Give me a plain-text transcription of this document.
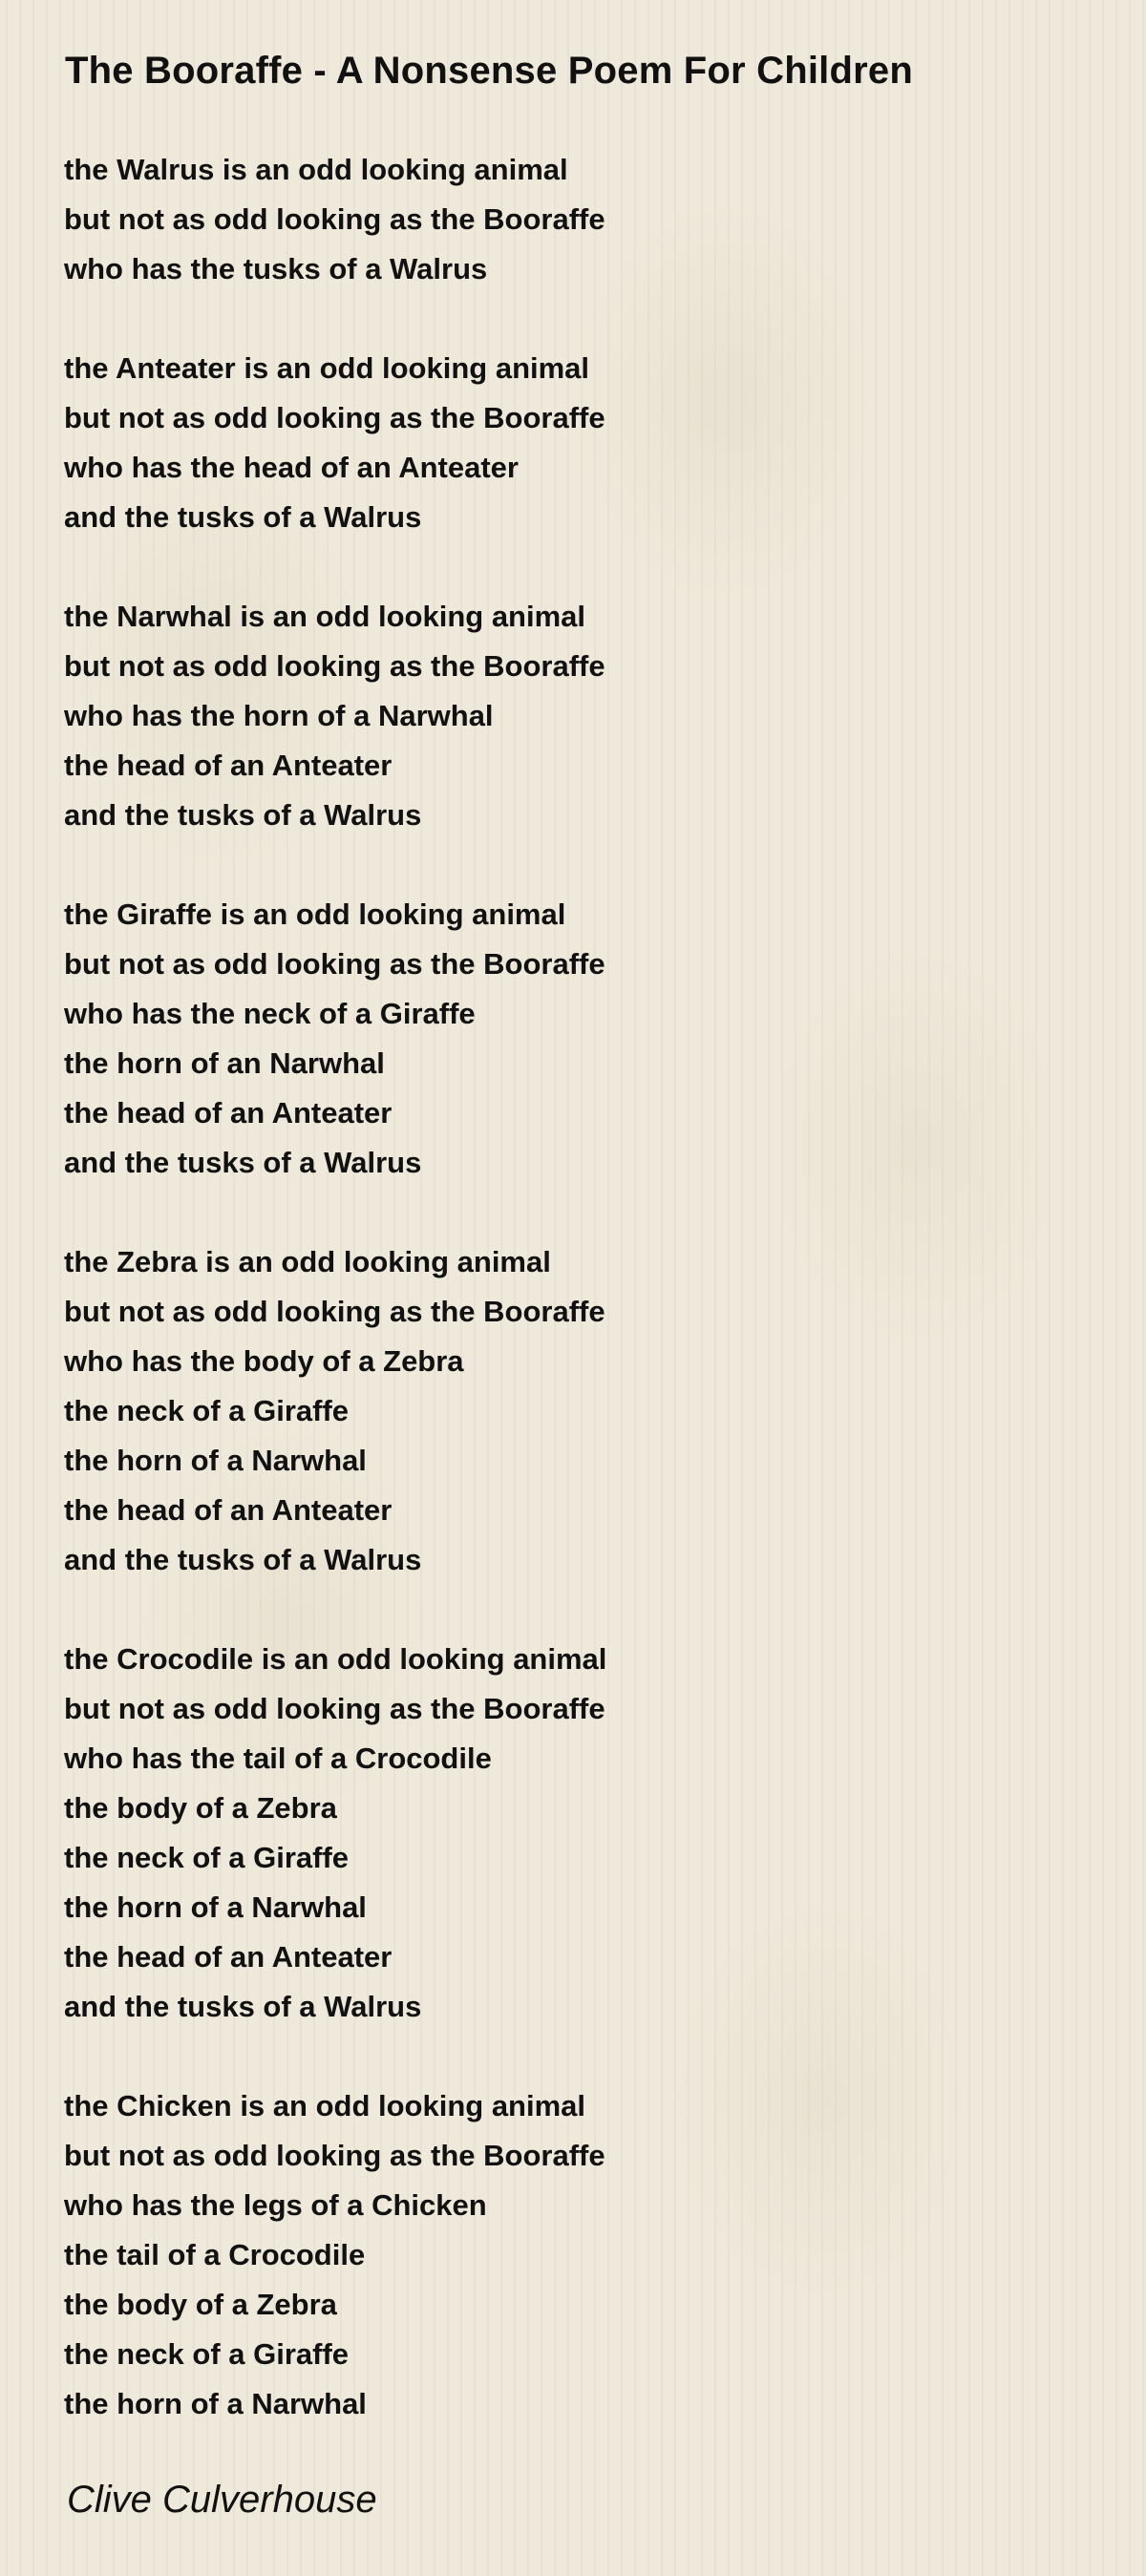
The Booraffe - A Nonsense Poem For Children
the Walrus is an odd looking animal
but not as odd looking as the Booraffe
who has the tusks of a Walrus
the Anteater is an odd looking animal
but not as odd looking as the Booraffe
who has the head of an Anteater
and the tusks of a Walrus
the Narwhal is an odd looking animal
but not as odd looking as the Booraffe
who has the horn of a Narwhal
the head of an Anteater
and the tusks of a Walrus
the Giraffe is an odd looking animal
but not as odd looking as the Booraffe
who has the neck of a Giraffe
the horn of an Narwhal
the head of an Anteater
and the tusks of a Walrus
the Zebra is an odd looking animal
but not as odd looking as the Booraffe
who has the body of a Zebra
the neck of a Giraffe
the horn of a Narwhal
the head of an Anteater
and the tusks of a Walrus
the Crocodile is an odd looking animal
but not as odd looking as the Booraffe
who has the tail of a Crocodile
the body of a Zebra
the neck of a Giraffe
the horn of a Narwhal
the head of an Anteater
and the tusks of a Walrus
the Chicken is an odd looking animal
but not as odd looking as the Booraffe
who has the legs of a Chicken
the tail of a Crocodile
the body of a Zebra
the neck of a Giraffe
the horn of a Narwhal
Clive Culverhouse
